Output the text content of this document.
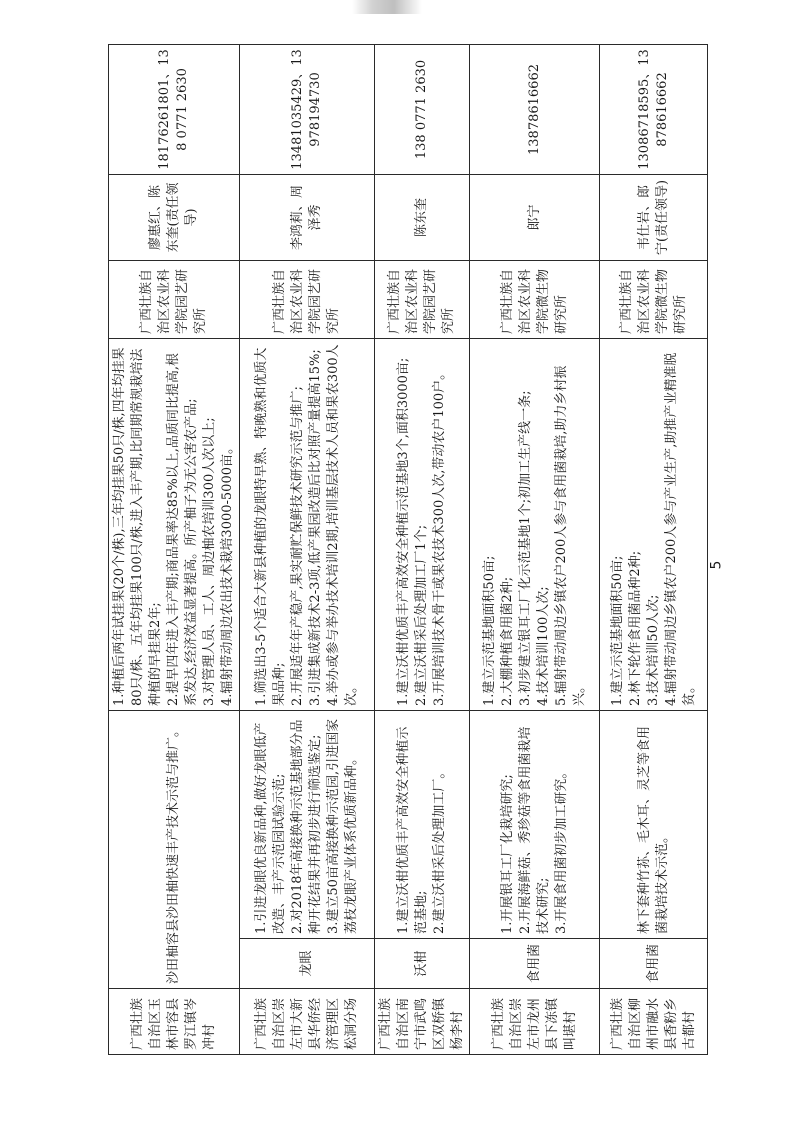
广西壮族自治区玉林市容县罗江镇岑冲村	沙田柚容县沙田柚快速丰产技术示范与推广。		1.种植后两年试挂果(20个/株),三年均挂果50只/株,四年均挂果80只/株、五年均挂果100只/株,进入丰产期,比同期常规栽培法种植的早挂果2年; 2.提早四年进入丰产期;商品果率达85%以上,品质同比提高,根系发达,经济效益显著提高。所产柚子为无公害农产品; 3.对管理人员、工人、周边柚农培训300人次以上; 4.辐射带动周边农出技术栽培3000-5000亩。	广西壮族自治区农业科学院园艺研究所	廖惠红、陈东奎(责任领导)	18176261801、138 0771 2630
广西壮族自治区崇左市大新县华侨经济管理区松洞分场	龙眼	1.引进龙眼优良新品种,做好龙眼低产改造、丰产示范园试验示范; 2.对2018年高接换种示范基地部分品种开花结果并再初步进行筛选鉴定; 3.建立50亩高接换种示范园,引进国家荔枝龙眼产业体系优质新品种。	1.筛选出3-5个适合大新县种植的龙眼特早熟、特晚熟和优质大果品种; 2.开展适年年产稳产,果实耐贮保鲜技术研究示范与推广; 3.引进集成新技术2-3项,低产果园改造后比对照产量提高15%; 4.举办或参与举办技术培训2期,培训基层技术人员和果农300人次。	广西壮族自治区农业科学院园艺研究所	李鸿莉、周泽秀	13481035429、13978194730
广西壮族自治区南宁市武鸣区双桥镇杨李村	沃柑	1.建立沃柑优质丰产高效安全种植示范基地; 2.建立沃柑采后处理加工厂。	1.建立沃柑优质丰产高效安全种植示范基地3个,面积3000亩; 2.建立沃柑采后处理加工厂1个; 3.开展培训技术骨干或果农技术300人次,带动农户100户。	广西壮族自治区农业科学院园艺研究所	陈东奎	138 0771 2630
广西壮族自治区崇左市龙州县下冻镇叫堪村	食用菌	1.开展银耳工厂化栽培研究; 2.开展海鲜菇、秀珍菇等食用菌栽培技术研究; 3.开展食用菌初步加工研究。	1.建立示范基地面积50亩; 2.大棚种植食用菌2种; 3.初步建立银耳工厂化示范基地1个;初加工生产线一条; 4.技术培训100人次; 5.辐射带动周边乡镇农户200人参与食用菌栽培,助力乡村振兴。	广西壮族自治区农业科学院微生物研究所	郎宁	13878616662
广西壮族自治区柳州市融水县香粉乡古都村	食用菌	林下套种竹荪、毛木耳、灵芝等食用菌栽培技术示范。	1.建立示范基地面积50亩; 2.林下轮作食用菌品种2种; 3.技术培训50人次; 4.辐射带动周边乡镇农户200人参与产业生产,助推产业精准脱贫。	广西壮族自治区农业科学院微生物研究所	韦仕岩、郎宁(责任领导)	13086718595、13878616662
5
